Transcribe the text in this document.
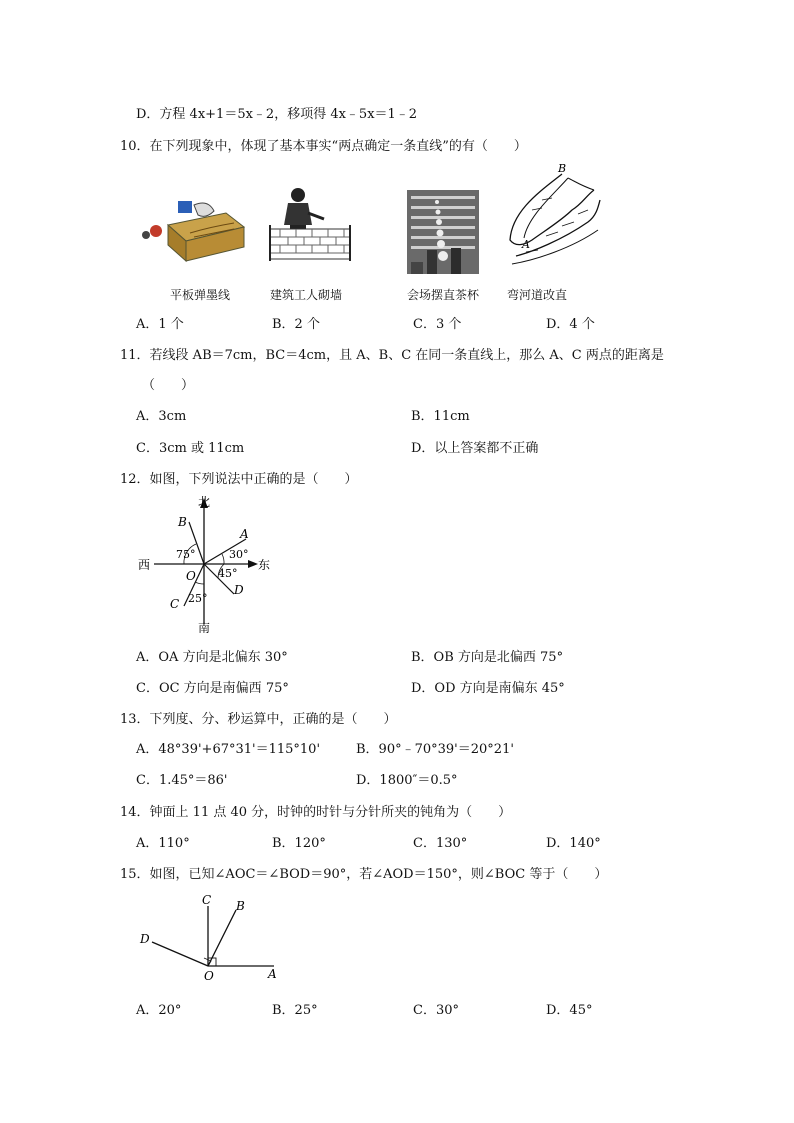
D．方程 4x+1＝5x﹣2，移项得 4x﹣5x＝1﹣2
10．在下列现象中，体现了基本事实“两点确定一条直线”的有（　　）
B
A
平板弹墨线	建筑工人砌墙	会场摆直茶杯 弯河道改直
A．1 个	B．2 个	C．3 个	D．4 个
11．若线段 AB＝7cm，BC＝4cm，且 A、B、C 在同一条直线上，那么 A、C 两点的距离是
（　　）
A．3cm	B．11cm
C．3cm 或 11cm	D．以上答案都不正确
12．如图，下列说法中正确的是（　　）
北
南
东
西
A
B
C
D
O
30°
75°
25°
45°
A．OA 方向是北偏东 30°	B．OB 方向是北偏西 75°
C．OC 方向是南偏西 75°	D．OD 方向是南偏东 45°
13．下列度、分、秒运算中，正确的是（　　）
A．48°39'+67°31'＝115°10'	B．90°﹣70°39'＝20°21'
C．1.45°＝86'	D．1800″＝0.5°
14．钟面上 11 点 40 分，时钟的时针与分针所夹的钝角为（　　）
A．110°	B．120°	C．130°	D．140°
15．如图，已知∠AOC＝∠BOD＝90°，若∠AOD＝150°，则∠BOC 等于（　　）
C B
D
O	A
A．20°	B．25°	C．30°	D．45°
